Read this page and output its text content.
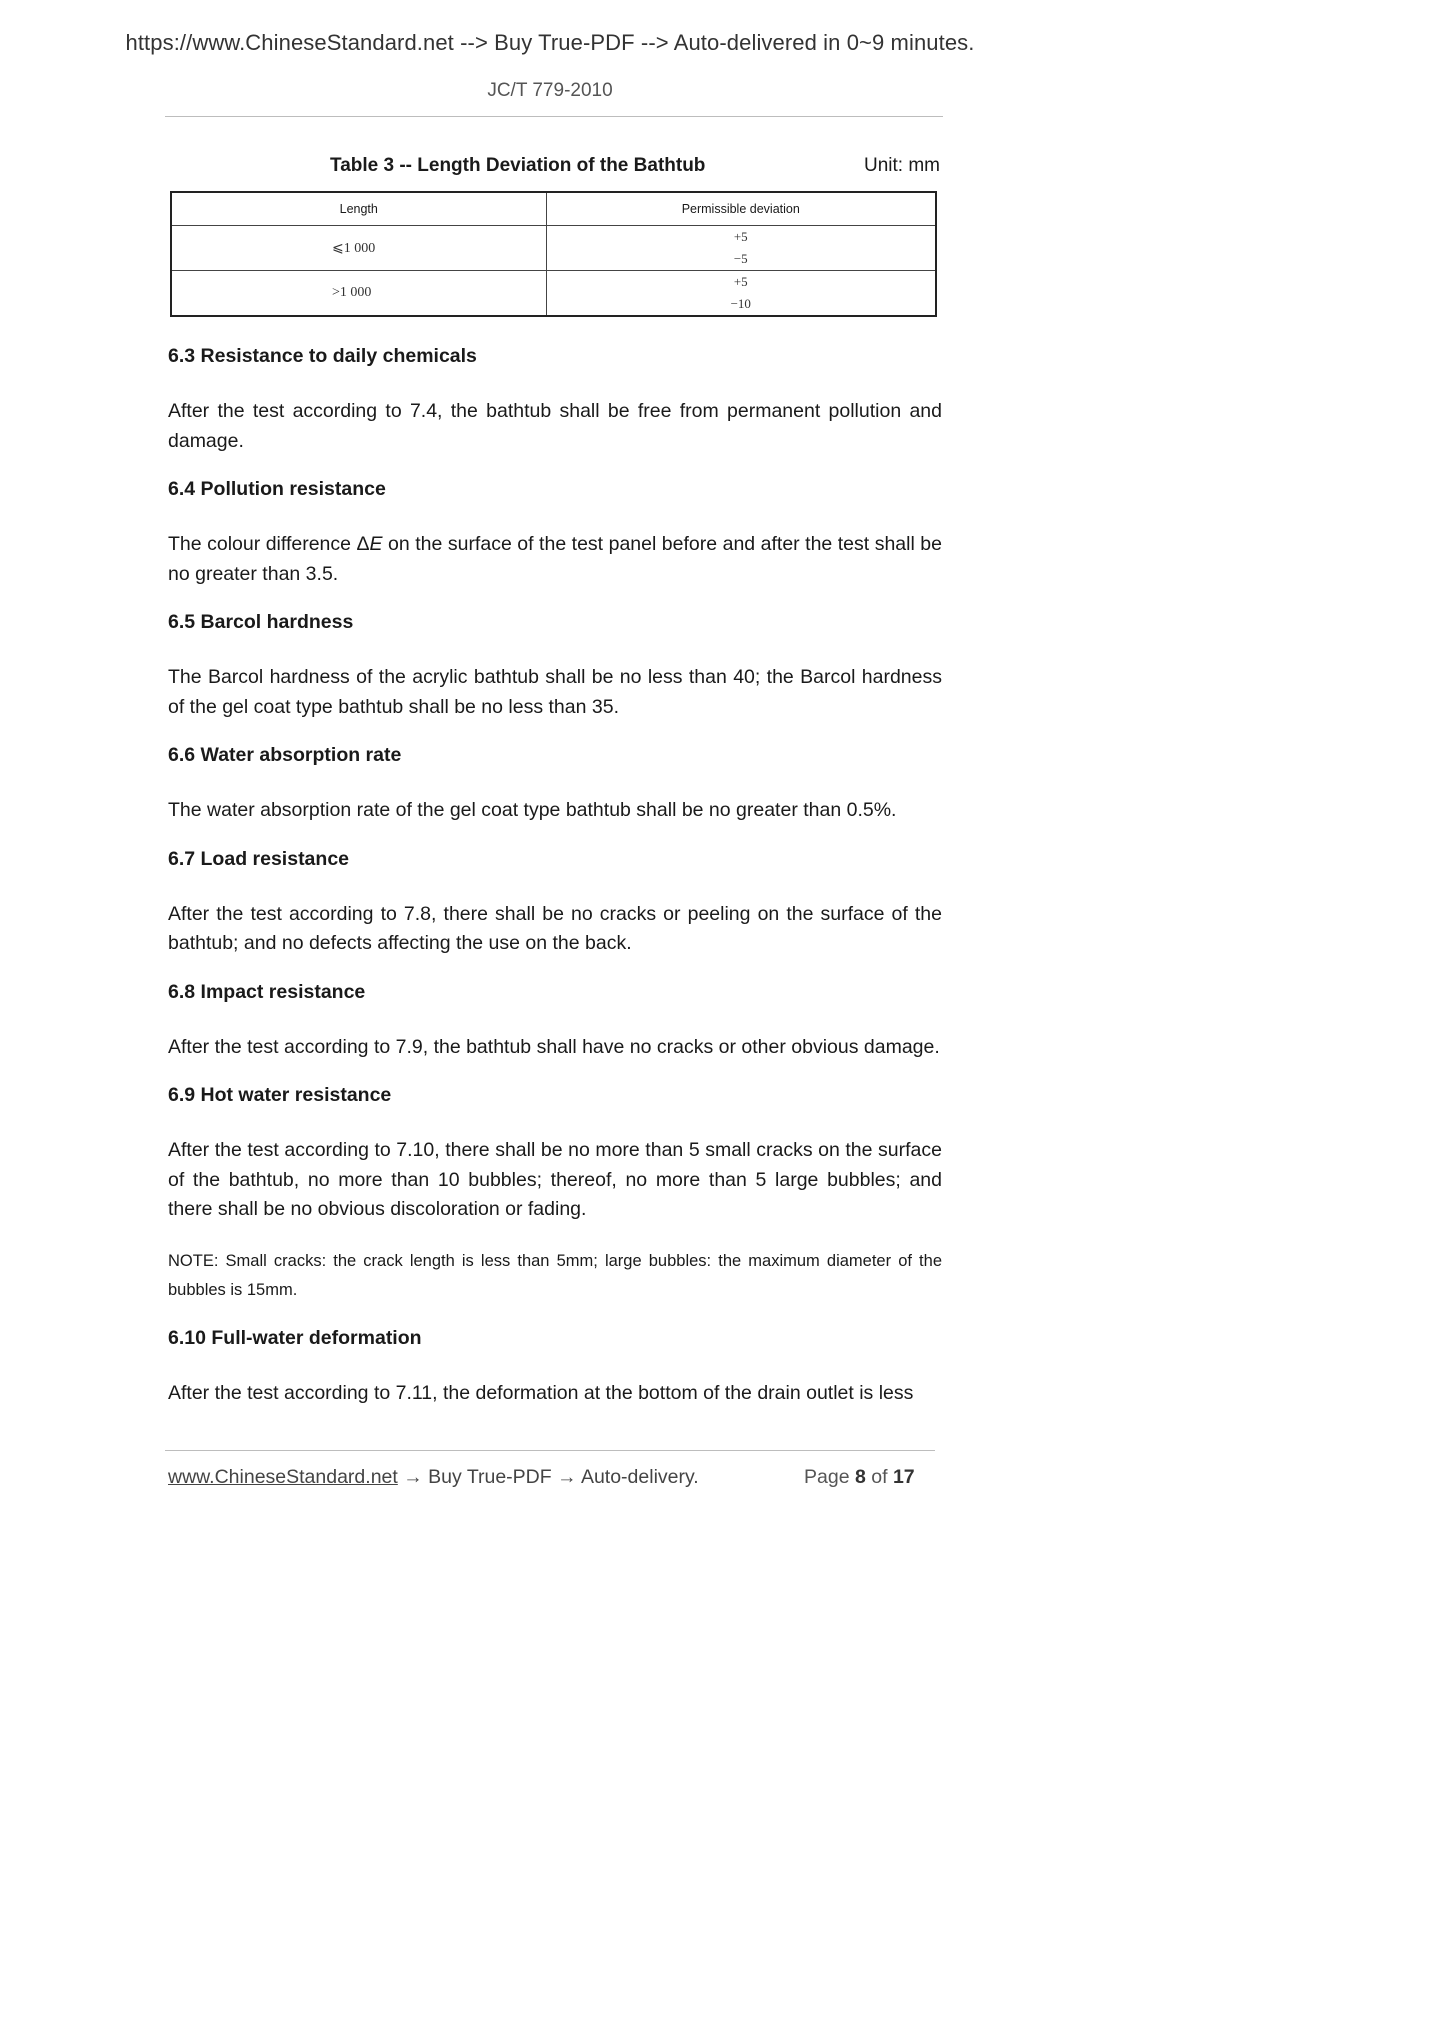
https://www.ChineseStandard.net --> Buy True-PDF --> Auto-delivered in 0~9 minutes.
JC/T 779-2010
Table 3 -- Length Deviation of the Bathtub	Unit: mm
Length	Permissible deviation
⩽1 000	+5
−5

>1 000	+5
−10
6.3 Resistance to daily chemicals

After the test according to 7.4, the bathtub shall be free from permanent pollution and damage.

6.4 Pollution resistance

The colour difference ΔE on the surface of the test panel before and after the test shall be no greater than 3.5.

6.5 Barcol hardness

The Barcol hardness of the acrylic bathtub shall be no less than 40; the Barcol hardness of the gel coat type bathtub shall be no less than 35.

6.6 Water absorption rate

The water absorption rate of the gel coat type bathtub shall be no greater than 0.5%.

6.7 Load resistance

After the test according to 7.8, there shall be no cracks or peeling on the surface of the bathtub; and no defects affecting the use on the back.

6.8 Impact resistance

After the test according to 7.9, the bathtub shall have no cracks or other obvious damage.

6.9 Hot water resistance

After the test according to 7.10, there shall be no more than 5 small cracks on the surface of the bathtub, no more than 10 bubbles; thereof, no more than 5 large bubbles; and there shall be no obvious discoloration or fading.

NOTE: Small cracks: the crack length is less than 5mm; large bubbles: the maximum diameter of the bubbles is 15mm.

6.10 Full-water deformation

After the test according to 7.11, the deformation at the bottom of the drain outlet is less

www.ChineseStandard.net → Buy True-PDF → Auto-delivery.	Page 8 of 17
